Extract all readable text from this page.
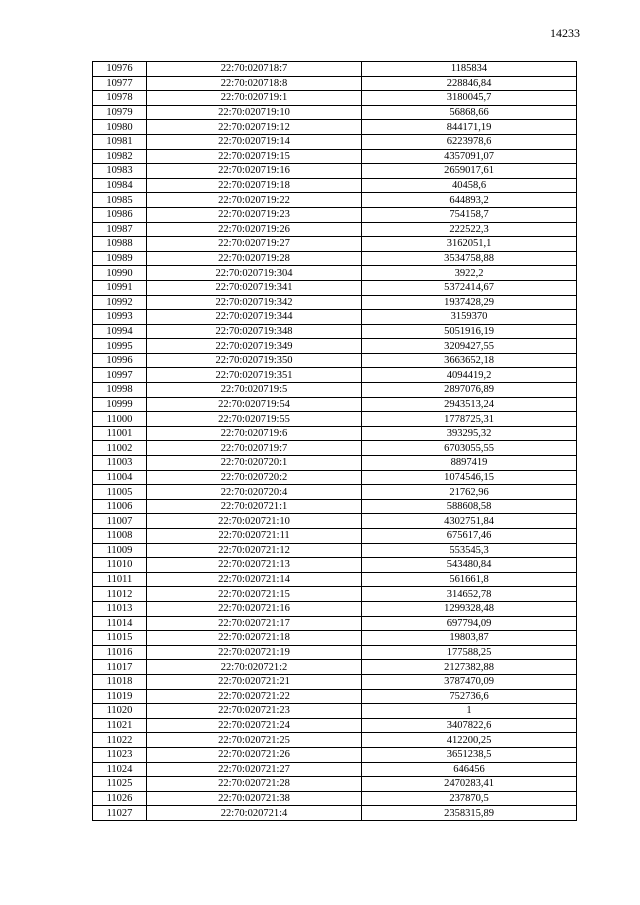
14233
10976	22:70:020718:7	1185834
10977	22:70:020718:8	228846,84
10978	22:70:020719:1	3180045,7
10979	22:70:020719:10	56868,66
10980	22:70:020719:12	844171,19
10981	22:70:020719:14	6223978,6
10982	22:70:020719:15	4357091,07
10983	22:70:020719:16	2659017,61
10984	22:70:020719:18	40458,6
10985	22:70:020719:22	644893,2
10986	22:70:020719:23	754158,7
10987	22:70:020719:26	222522,3
10988	22:70:020719:27	3162051,1
10989	22:70:020719:28	3534758,88
10990	22:70:020719:304	3922,2
10991	22:70:020719:341	5372414,67
10992	22:70:020719:342	1937428,29
10993	22:70:020719:344	3159370
10994	22:70:020719:348	5051916,19
10995	22:70:020719:349	3209427,55
10996	22:70:020719:350	3663652,18
10997	22:70:020719:351	4094419,2
10998	22:70:020719:5	2897076,89
10999	22:70:020719:54	2943513,24
11000	22:70:020719:55	1778725,31
11001	22:70:020719:6	393295,32
11002	22:70:020719:7	6703055,55
11003	22:70:020720:1	8897419
11004	22:70:020720:2	1074546,15
11005	22:70:020720:4	21762,96
11006	22:70:020721:1	588608,58
11007	22:70:020721:10	4302751,84
11008	22:70:020721:11	675617,46
11009	22:70:020721:12	553545,3
11010	22:70:020721:13	543480,84
11011	22:70:020721:14	561661,8
11012	22:70:020721:15	314652,78
11013	22:70:020721:16	1299328,48
11014	22:70:020721:17	697794,09
11015	22:70:020721:18	19803,87
11016	22:70:020721:19	177588,25
11017	22:70:020721:2	2127382,88
11018	22:70:020721:21	3787470,09
11019	22:70:020721:22	752736,6
11020	22:70:020721:23	1
11021	22:70:020721:24	3407822,6
11022	22:70:020721:25	412200,25
11023	22:70:020721:26	3651238,5
11024	22:70:020721:27	646456
11025	22:70:020721:28	2470283,41
11026	22:70:020721:38	237870,5
11027	22:70:020721:4	2358315,89
